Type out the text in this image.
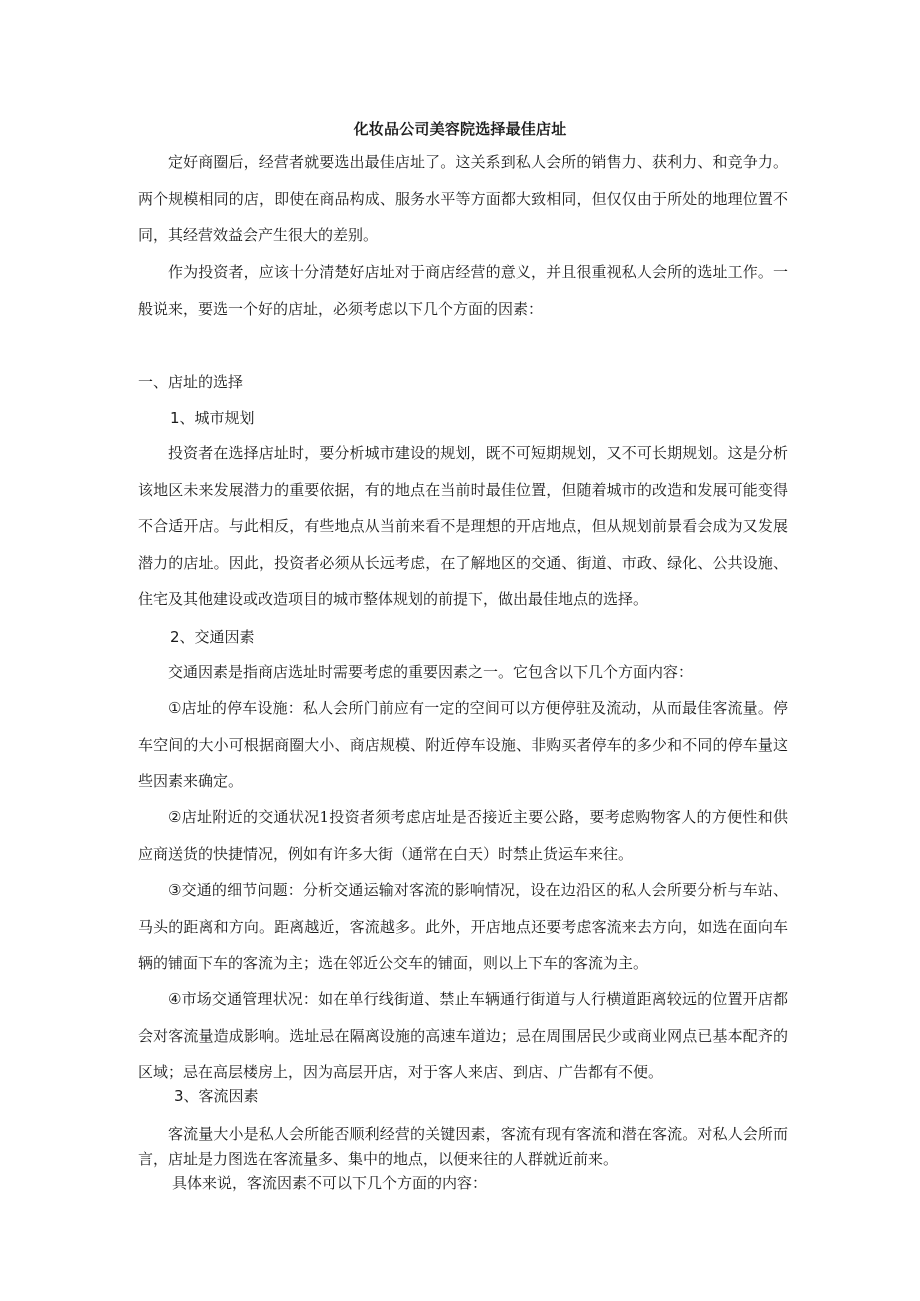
化妆品公司美容院选择最佳店址

定好商圈后，经营者就要选出最佳店址了。这关系到私人会所的销售力、获利力、和竞争力。两个规模相同的店，即使在商品构成、服务水平等方面都大致相同，但仅仅由于所处的地理位置不同，其经营效益会产生很大的差别。

作为投资者，应该十分清楚好店址对于商店经营的意义，并且很重视私人会所的选址工作。一般说来，要选一个好的店址，必须考虑以下几个方面的因素：

一、店址的选择
1、城市规划

投资者在选择店址时，要分析城市建设的规划，既不可短期规划，又不可长期规划。这是分析该地区未来发展潜力的重要依据，有的地点在当前时最佳位置，但随着城市的改造和发展可能变得不合适开店。与此相反，有些地点从当前来看不是理想的开店地点，但从规划前景看会成为又发展潜力的店址。因此，投资者必须从长远考虑，在了解地区的交通、街道、市政、绿化、公共设施、住宅及其他建设或改造项目的城市整体规划的前提下，做出最佳地点的选择。

2、交通因素

交通因素是指商店选址时需要考虑的重要因素之一。它包含以下几个方面内容：

①店址的停车设施：私人会所门前应有一定的空间可以方便停驻及流动，从而最佳客流量。停车空间的大小可根据商圈大小、商店规模、附近停车设施、非购买者停车的多少和不同的停车量这些因素来确定。

②店址附近的交通状况1投资者须考虑店址是否接近主要公路，要考虑购物客人的方便性和供应商送货的快捷情况，例如有许多大街（通常在白天）时禁止货运车来往。

③交通的细节问题：分析交通运输对客流的影响情况，设在边沿区的私人会所要分析与车站、马头的距离和方向。距离越近，客流越多。此外，开店地点还要考虑客流来去方向，如选在面向车辆的铺面下车的客流为主；选在邻近公交车的铺面，则以上下车的客流为主。

④市场交通管理状况：如在单行线街道、禁止车辆通行街道与人行横道距离较远的位置开店都会对客流量造成影响。选址忌在隔离设施的高速车道边；忌在周围居民少或商业网点已基本配齐的区域；忌在高层楼房上，因为高层开店，对于客人来店、到店、广告都有不便。

3、客流因素

客流量大小是私人会所能否顺利经营的关键因素，客流有现有客流和潜在客流。对私人会所而言，店址是力图选在客流量多、集中的地点，以便来往的人群就近前来。

具体来说，客流因素不可以下几个方面的内容：
